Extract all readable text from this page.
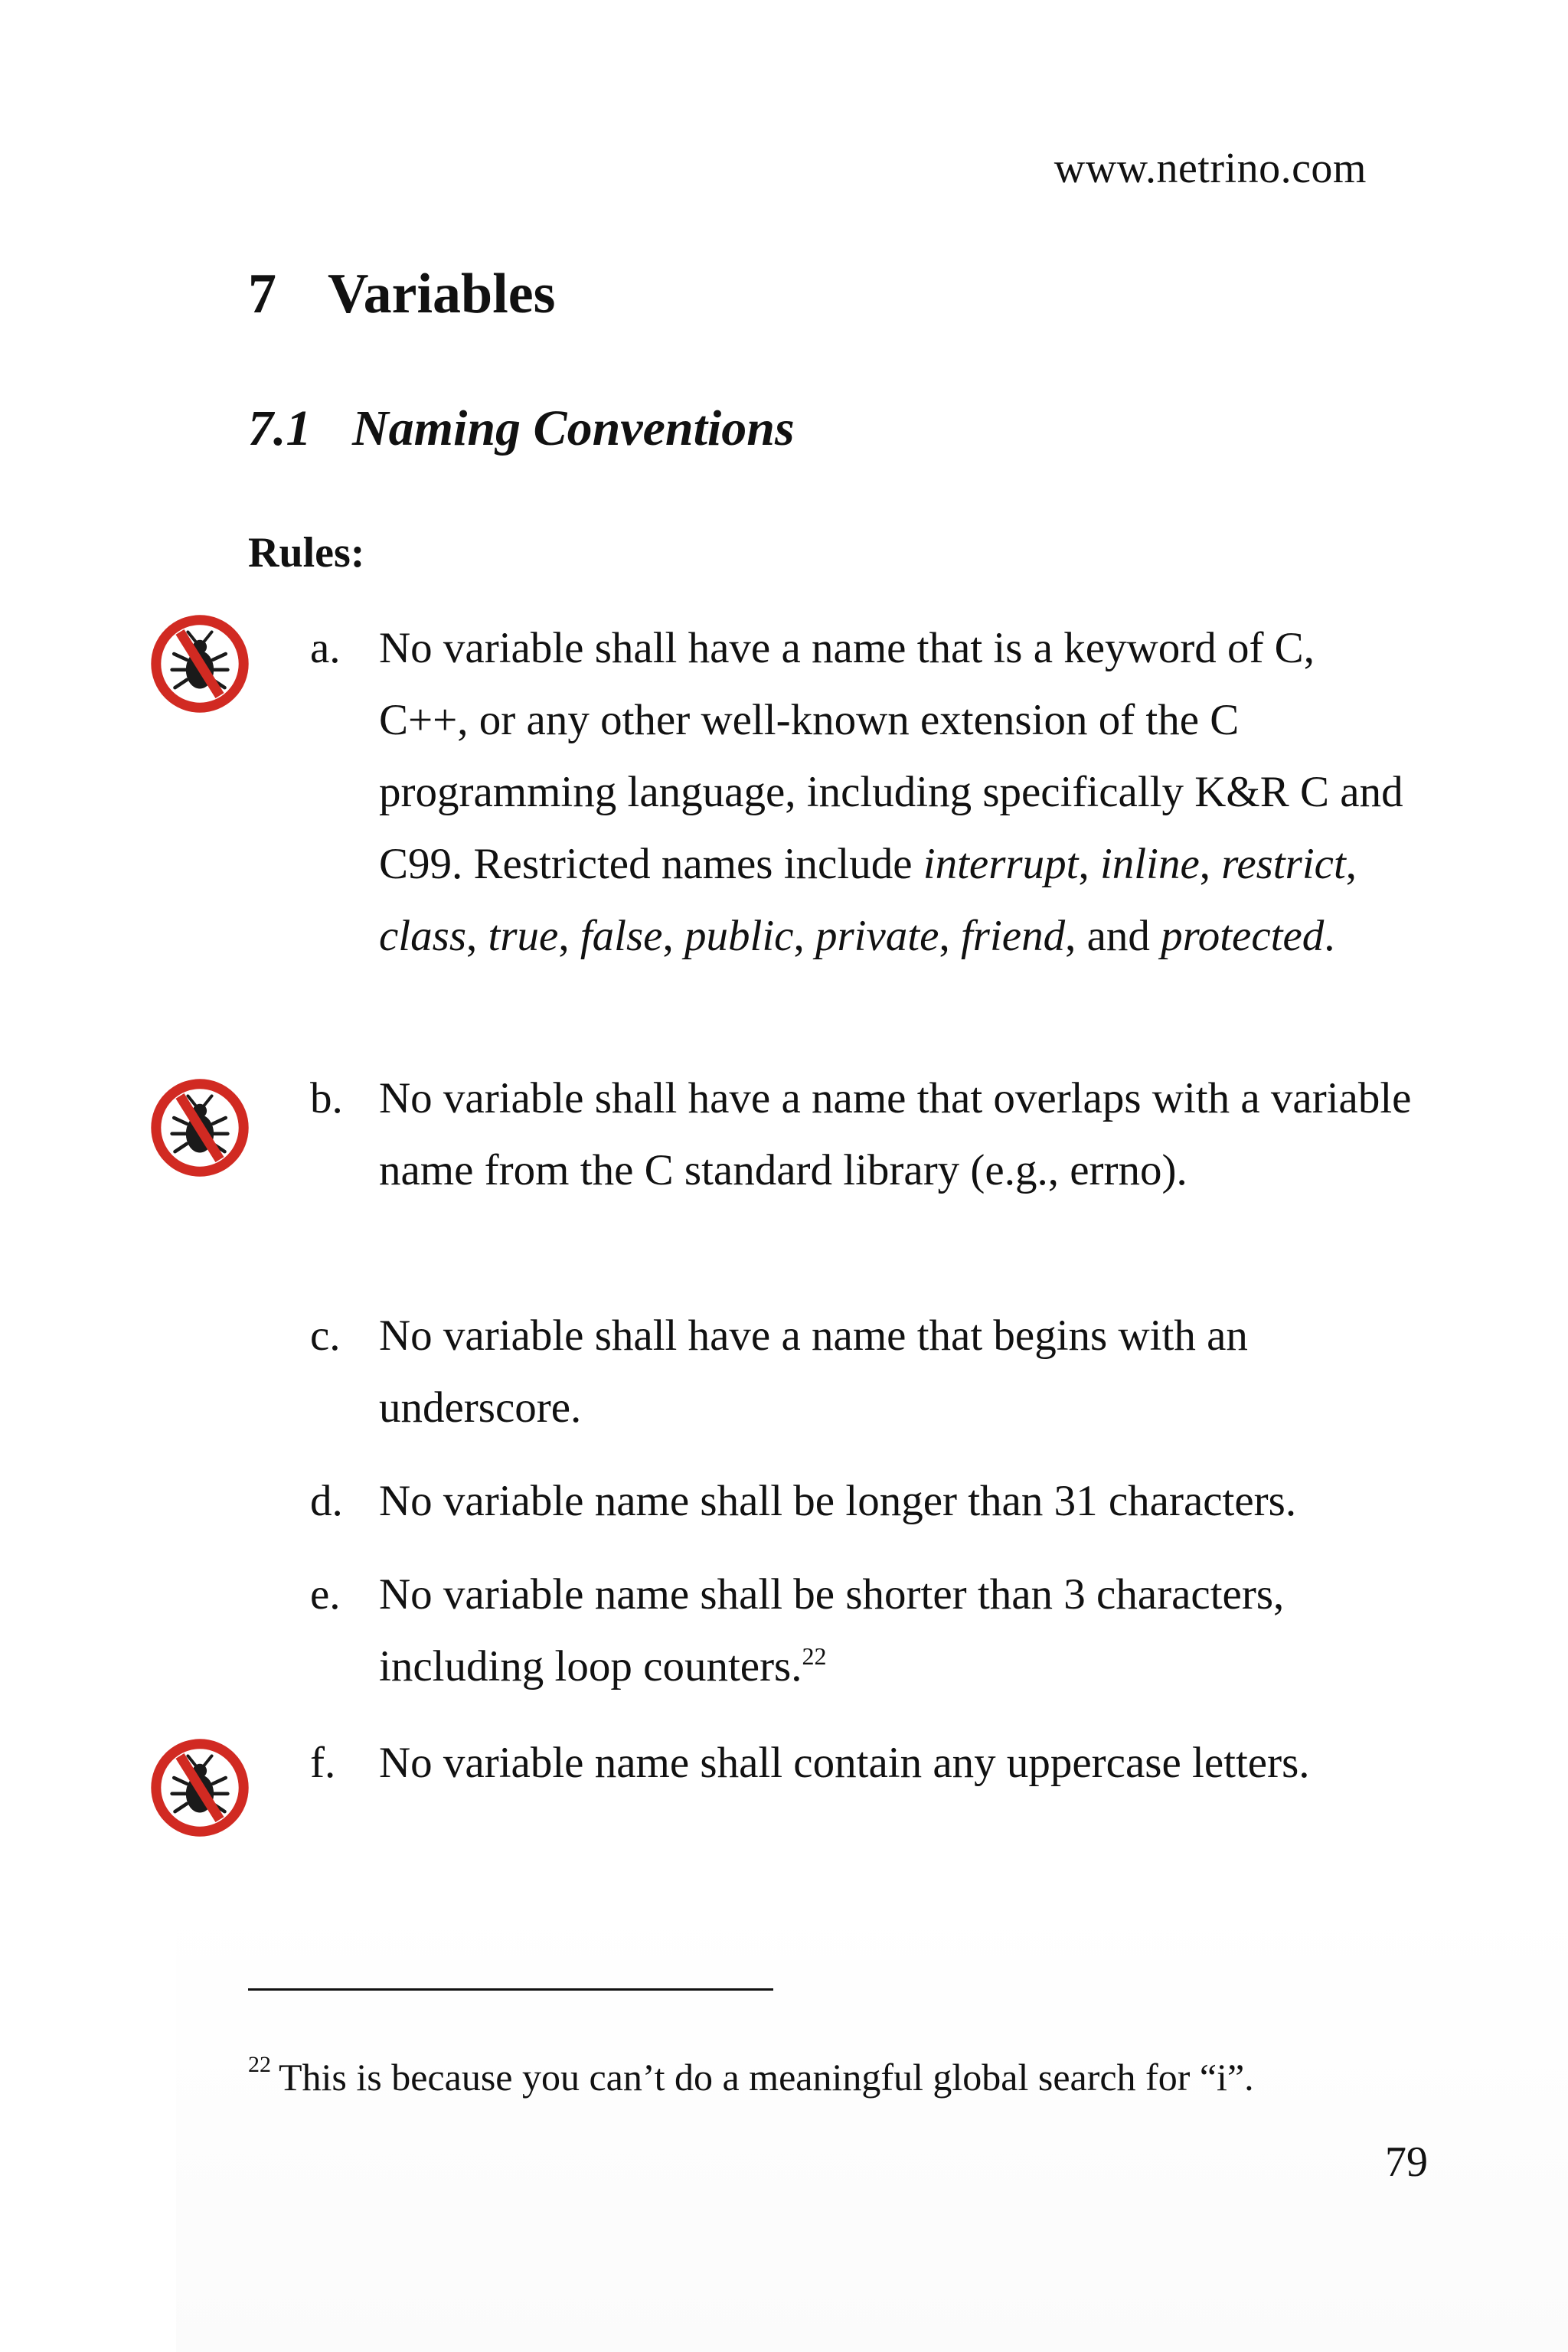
www.netrino.com
7 Variables
7.1 Naming Conventions
Rules:
a. No variable shall have a name that is a keyword of C, C++, or any other well-known extension of the C programming language, including specifically K&R C and C99. Restricted names include interrupt, inline, restrict, class, true, false, public, private, friend, and protected.
b. No variable shall have a name that overlaps with a variable name from the C standard library (e.g., errno).
c. No variable shall have a name that begins with an underscore.
d. No variable name shall be longer than 31 characters.
e. No variable name shall be shorter than 3 characters, including loop counters.$^{22}$
f. No variable name shall contain any uppercase letters.
$^{22}$ This is because you can’t do a meaningful global search for “i”.
79
